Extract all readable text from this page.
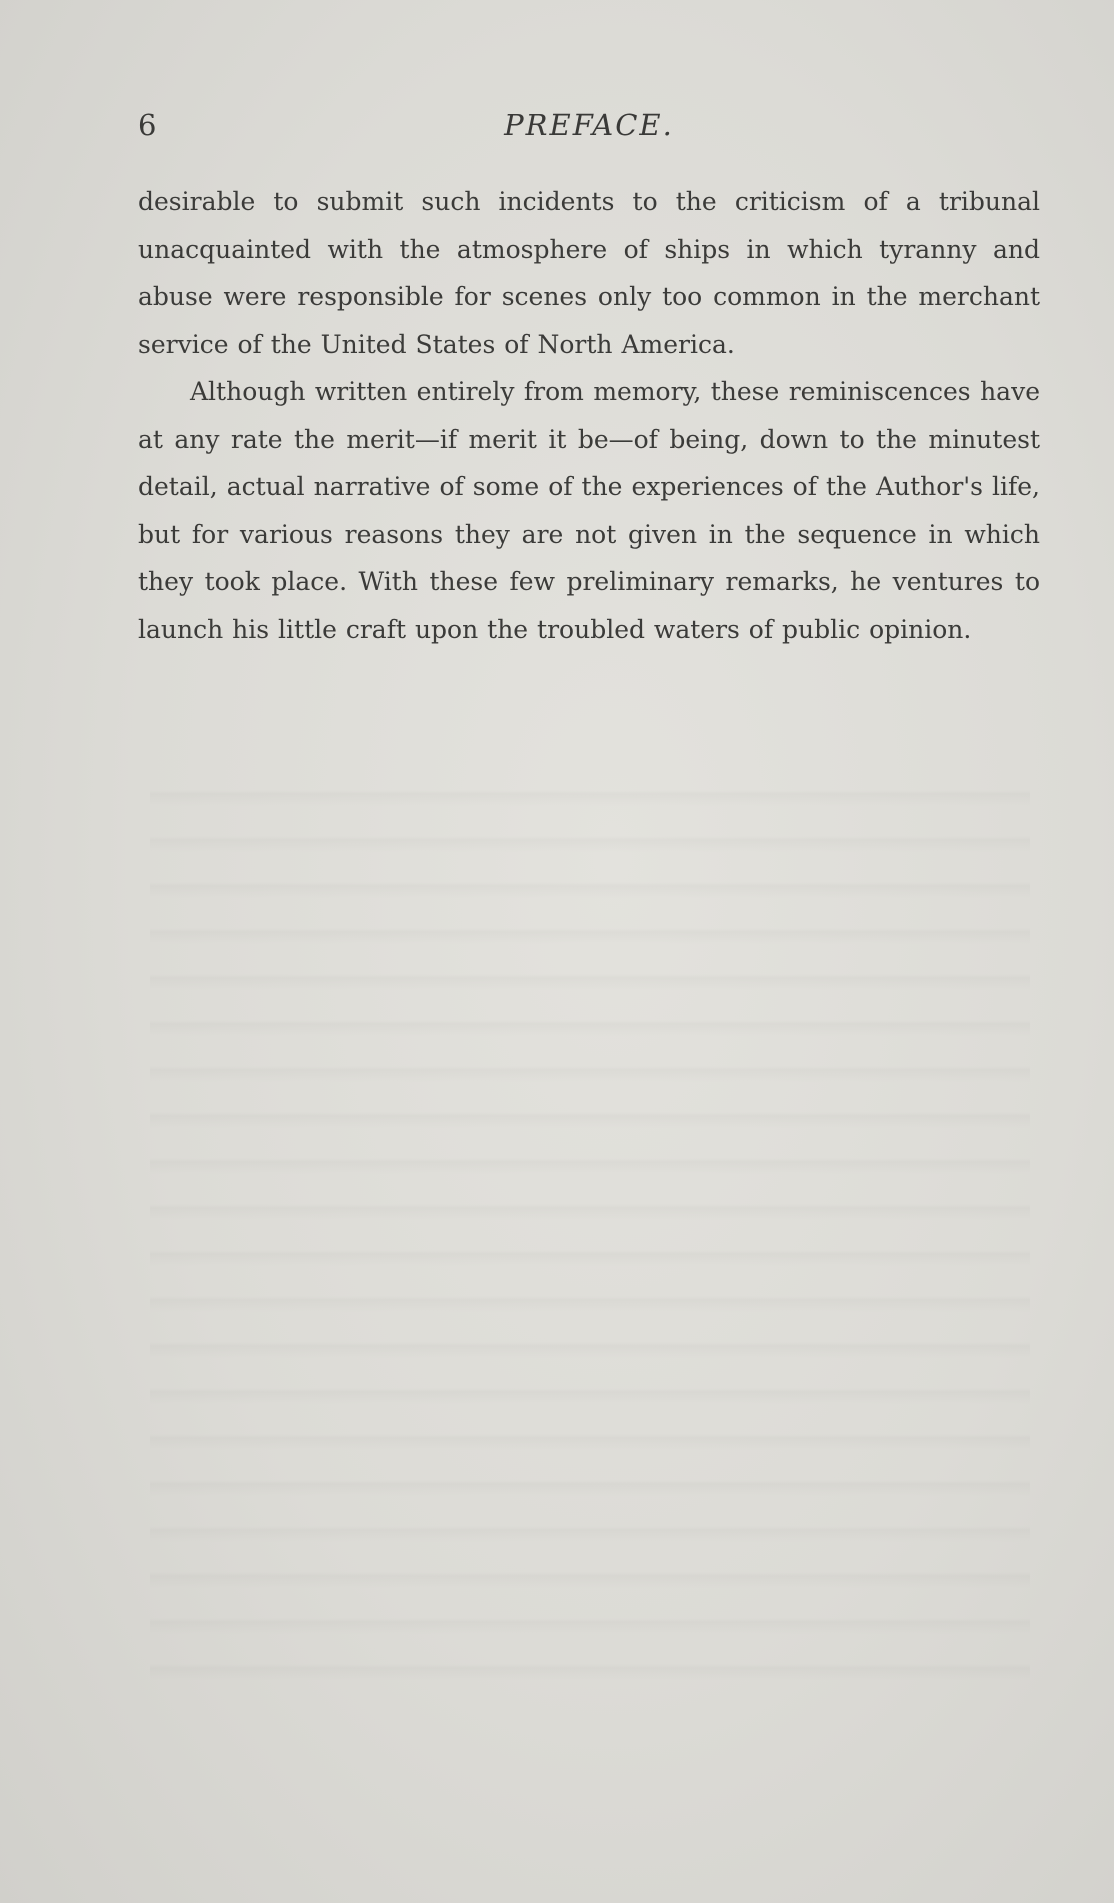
6	PREFACE.

desirable to submit such incidents to the criticism of a tribunal unacquainted with the atmosphere of ships in which tyranny and abuse were responsible for scenes only too common in the merchant service of the United States of North America.

Although written entirely from memory, these reminiscences have at any rate the merit—if merit it be—of being, down to the minutest detail, actual narrative of some of the experiences of the Author's life, but for various reasons they are not given in the sequence in which they took place. With these few preliminary remarks, he ventures to launch his little craft upon the troubled waters of public opinion.
